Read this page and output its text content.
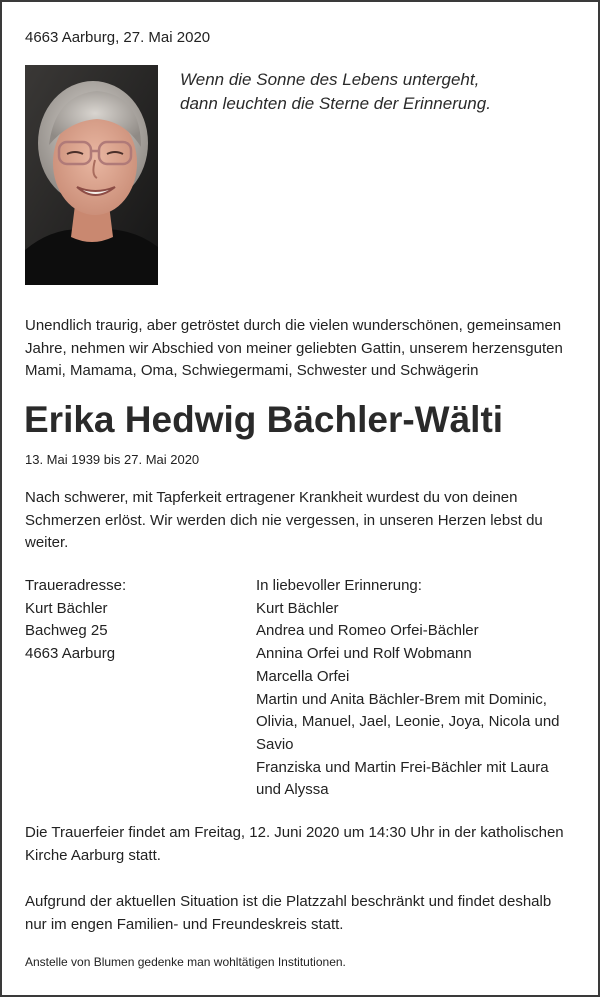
4663 Aarburg, 27. Mai 2020
Wenn die Sonne des Lebens untergeht,
dann leuchten die Sterne der Erinnerung.
Unendlich traurig, aber getröstet durch die vielen wunderschönen, gemeinsamen Jahre, nehmen wir Abschied von meiner geliebten Gattin, unserem herzensguten Mami, Mamama, Oma, Schwiegermami, Schwester und Schwägerin
Erika Hedwig Bächler-Wälti
13. Mai 1939 bis 27. Mai 2020
Nach schwerer, mit Tapferkeit ertragener Krankheit wurdest du von deinen Schmerzen erlöst. Wir werden dich nie vergessen, in unseren Herzen lebst du weiter.
Traueradresse:
Kurt Bächler
Bachweg 25
4663 Aarburg
In liebevoller Erinnerung:
Kurt Bächler
Andrea und Romeo Orfei-Bächler
Annina Orfei und Rolf Wobmann
Marcella Orfei
Martin und Anita Bächler-Brem mit Dominic,
Olivia, Manuel, Jael, Leonie, Joya, Nicola und
Savio
Franziska und Martin Frei-Bächler mit Laura
und Alyssa
Die Trauerfeier findet am Freitag, 12. Juni 2020 um 14:30 Uhr in der katholischen Kirche Aarburg statt.
Aufgrund der aktuellen Situation ist die Platzzahl beschränkt und findet deshalb nur im engen Familien- und Freundeskreis statt.
Anstelle von Blumen gedenke man wohltätigen Institutionen.
